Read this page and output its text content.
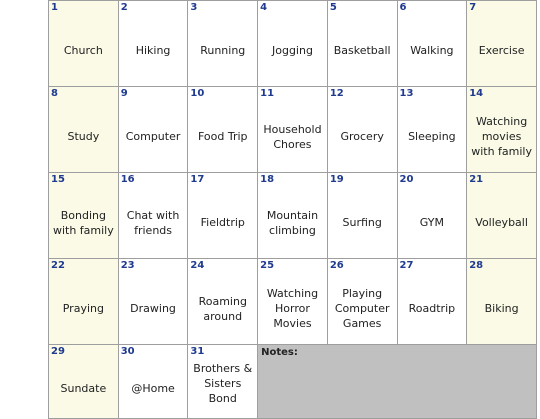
1
Church	2
Hiking	3
Running	4
Jogging	5
Basketball	6
Walking	7
Exercise

8
Study	9
Computer	10
Food Trip	11
Household Chores	12
Grocery	13
Sleeping	14
Watching movies with family

15
Bonding with family	16
Chat with friends	17
Fieldtrip	18
Mountain climbing	19
Surfing	20
GYM	21
Volleyball

22
Praying	23
Drawing	24
Roaming around	25
Watching Horror Movies	26
Playing Computer Games	27
Roadtrip	28
Biking

29
Sundate	30
@Home	31
Brothers & Sisters Bond	Notes:			
